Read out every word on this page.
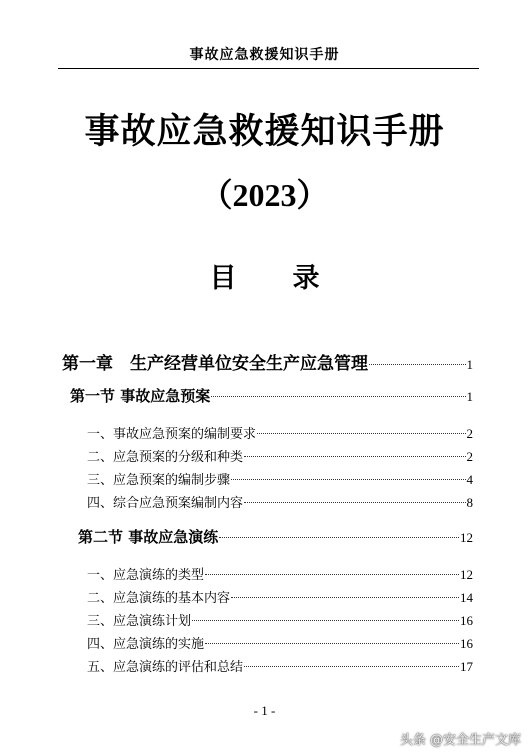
事故应急救援知识手册
事故应急救援知识手册
（2023）
目录
第一章　生产经营单位安全生产应急管理	1
第一节 事故应急预案	1
一、事故应急预案的编制要求	2
二、应急预案的分级和种类	2
三、应急预案的编制步骤	4
四、综合应急预案编制内容	8
第二节 事故应急演练	12
一、应急演练的类型	12
二、应急演练的基本内容	14
三、应急演练计划	16
四、应急演练的实施	16
五、应急演练的评估和总结	17
- 1 -
头条 @安全生产文库
